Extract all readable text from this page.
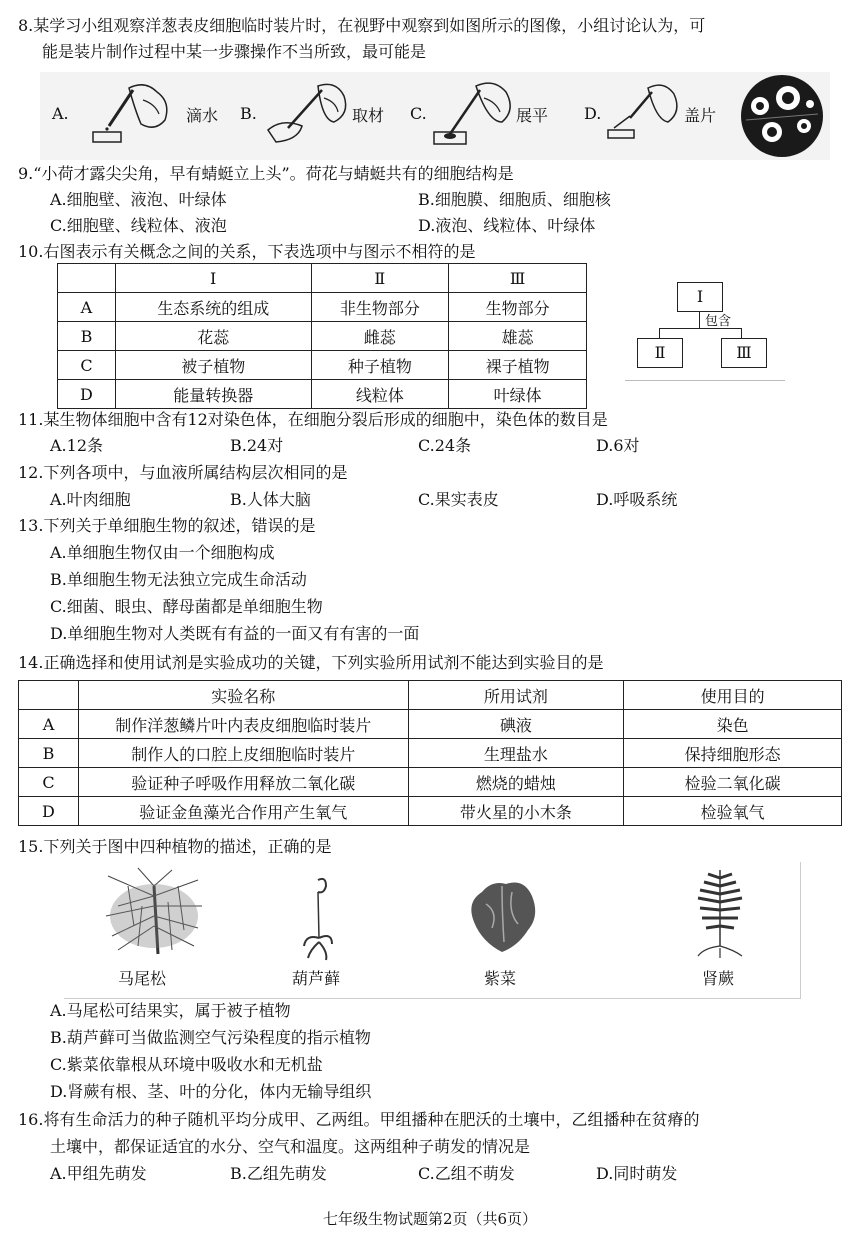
8.某学习小组观察洋葱表皮细胞临时装片时，在视野中观察到如图所示的图像，小组讨论认为，可
能是装片制作过程中某一步骤操作不当所致，最可能是
A.	滴水 B.	取材 C.	展平 D.	盖片
9.“小荷才露尖尖角，早有蜻蜓立上头”。荷花与蜻蜓共有的细胞结构是
A.细胞壁、液泡、叶绿体	B.细胞膜、细胞质、细胞核
C.细胞壁、线粒体、液泡	D.液泡、线粒体、叶绿体
10.右图表示有关概念之间的关系，下表选项中与图示不相符的是
	Ⅰ	Ⅱ	Ⅲ
A	生态系统的组成	非生物部分	生物部分
B	花蕊	雌蕊	雄蕊
C	被子植物	种子植物	裸子植物
D	能量转换器	线粒体	叶绿体
Ⅰ
包含
Ⅱ	Ⅲ
11.某生物体细胞中含有12对染色体，在细胞分裂后形成的细胞中，染色体的数目是
A.12条	B.24对	C.24条	D.6对
12.下列各项中，与血液所属结构层次相同的是
A.叶肉细胞	B.人体大脑	C.果实表皮	D.呼吸系统
13.下列关于单细胞生物的叙述，错误的是
A.单细胞生物仅由一个细胞构成
B.单细胞生物无法独立完成生命活动
C.细菌、眼虫、酵母菌都是单细胞生物
D.单细胞生物对人类既有有益的一面又有有害的一面
14.正确选择和使用试剂是实验成功的关键，下列实验所用试剂不能达到实验目的是
	实验名称	所用试剂	使用目的
A	制作洋葱鳞片叶内表皮细胞临时装片	碘液	染色
B	制作人的口腔上皮细胞临时装片	生理盐水	保持细胞形态
C	验证种子呼吸作用释放二氧化碳	燃烧的蜡烛	检验二氧化碳
D	验证金鱼藻光合作用产生氧气	带火星的小木条	检验氧气
15.下列关于图中四种植物的描述，正确的是
马尾松	葫芦藓	紫菜	肾蕨
A.马尾松可结果实，属于被子植物
B.葫芦藓可当做监测空气污染程度的指示植物
C.紫菜依靠根从环境中吸收水和无机盐
D.肾蕨有根、茎、叶的分化，体内无输导组织
16.将有生命活力的种子随机平均分成甲、乙两组。甲组播种在肥沃的土壤中，乙组播种在贫瘠的
土壤中，都保证适宜的水分、空气和温度。这两组种子萌发的情况是
A.甲组先萌发	B.乙组先萌发	C.乙组不萌发	D.同时萌发
七年级生物试题第2页（共6页）
